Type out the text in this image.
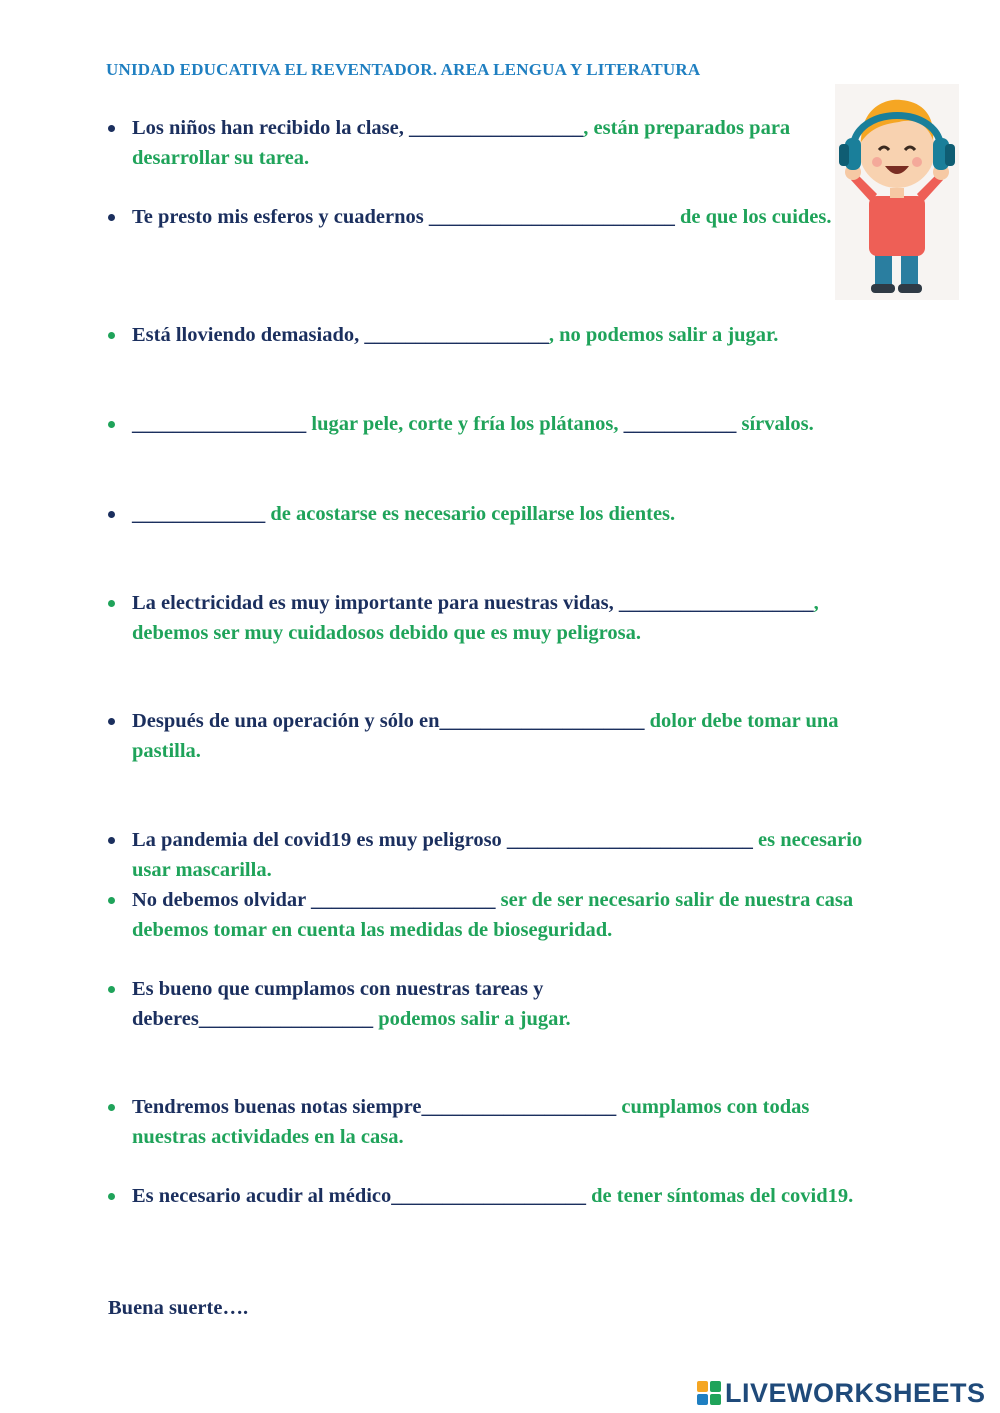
UNIDAD EDUCATIVA EL REVENTADOR. AREA LENGUA Y LITERATURA
Los niños han recibido la clase, _________________, están preparados para desarrollar su tarea.
Te presto mis esferos y cuadernos ________________________ de que los cuides.
Está lloviendo demasiado, __________________, no podemos salir a jugar.
_________________ lugar pele, corte y fría los plátanos, ___________ sírvalos.
_____________ de acostarse es necesario cepillarse los dientes.
La electricidad es muy importante para nuestras vidas, ___________________, debemos ser muy cuidadosos debido que es muy peligrosa.
Después de una operación y sólo en____________________ dolor debe tomar una pastilla.
La pandemia del covid19 es muy peligroso ________________________ es necesario usar mascarilla.
No debemos olvidar __________________ ser de ser necesario salir de nuestra casa debemos tomar en cuenta las medidas de bioseguridad.
Es bueno que cumplamos con nuestras tareas y deberes_________________ podemos salir a jugar.
Tendremos buenas notas siempre___________________ cumplamos con todas nuestras actividades en la casa.
Es necesario acudir al médico___________________ de tener síntomas del covid19.
Buena suerte….
LIVEWORKSHEETS
